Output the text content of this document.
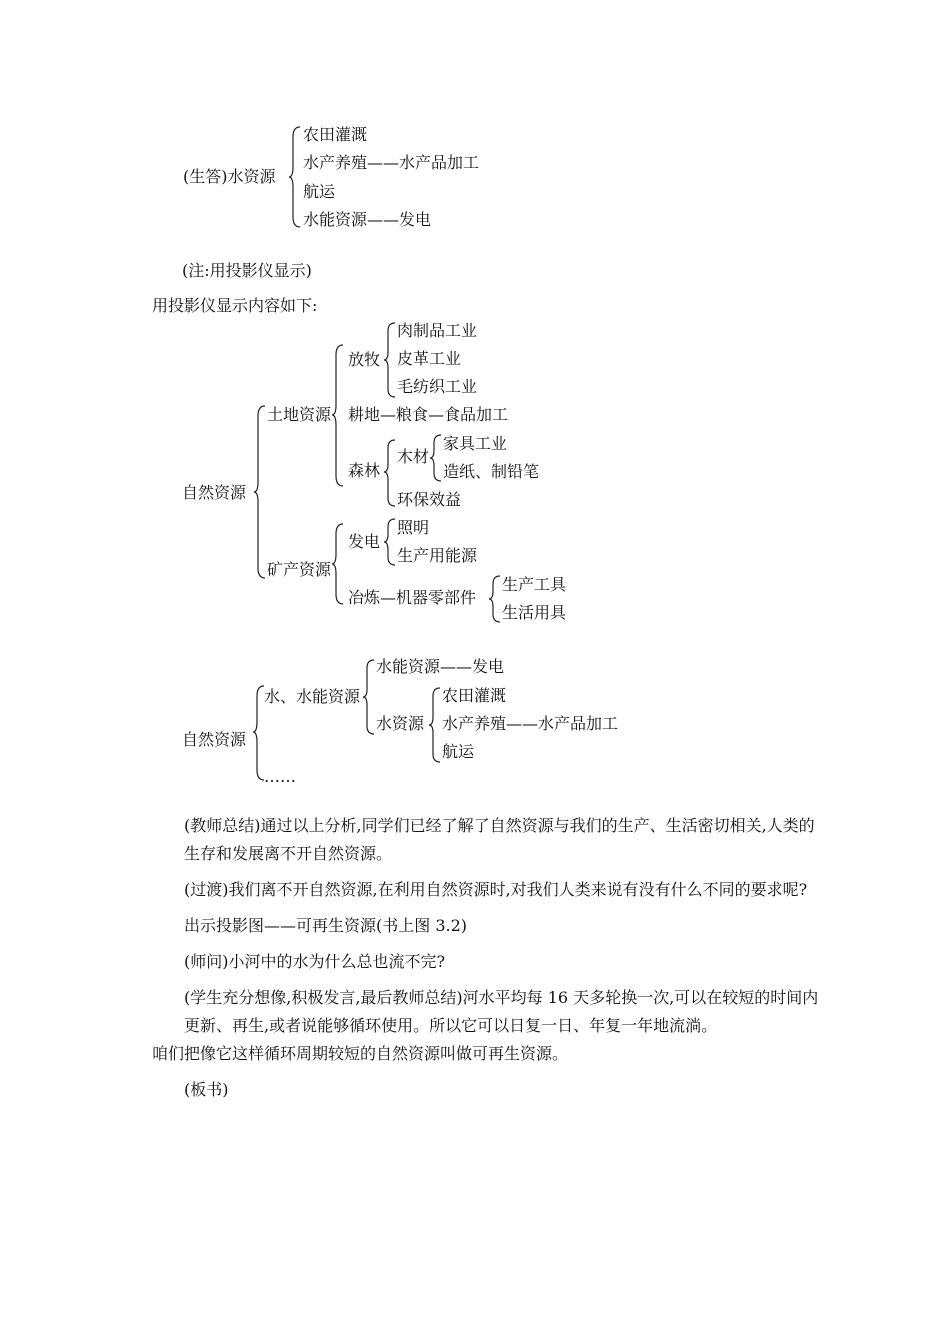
(生答)水资源
农田灌溉
水产养殖——水产品加工
航运
水能资源——发电
(注:用投影仪显示)
用投影仪显示内容如下:
自然资源
土地资源
放牧
肉制品工业
皮革工业
毛纺织工业
耕地—粮食—食品加工
森林
木材
家具工业
造纸、制铅笔
环保效益
矿产资源
发电
照明
生产用能源
冶炼—机器零部件
生产工具
生活用具
自然资源
水、水能资源
水能资源——发电
水资源
农田灌溉
水产养殖——水产品加工
航运
……

(教师总结)通过以上分析,同学们已经了解了自然资源与我们的生产、生活密切相关,人类的生存和发展离不开自然资源。

(过渡)我们离不开自然资源,在利用自然资源时,对我们人类来说有没有什么不同的要求呢?

出示投影图——可再生资源(书上图 3.2)

(师问)小河中的水为什么总也流不完?

(学生充分想像,积极发言,最后教师总结)河水平均每 16 天多轮换一次,可以在较短的时间内更新、再生,或者说能够循环使用。所以它可以日复一日、年复一年地流淌。

咱们把像它这样循环周期较短的自然资源叫做可再生资源。

(板书)
